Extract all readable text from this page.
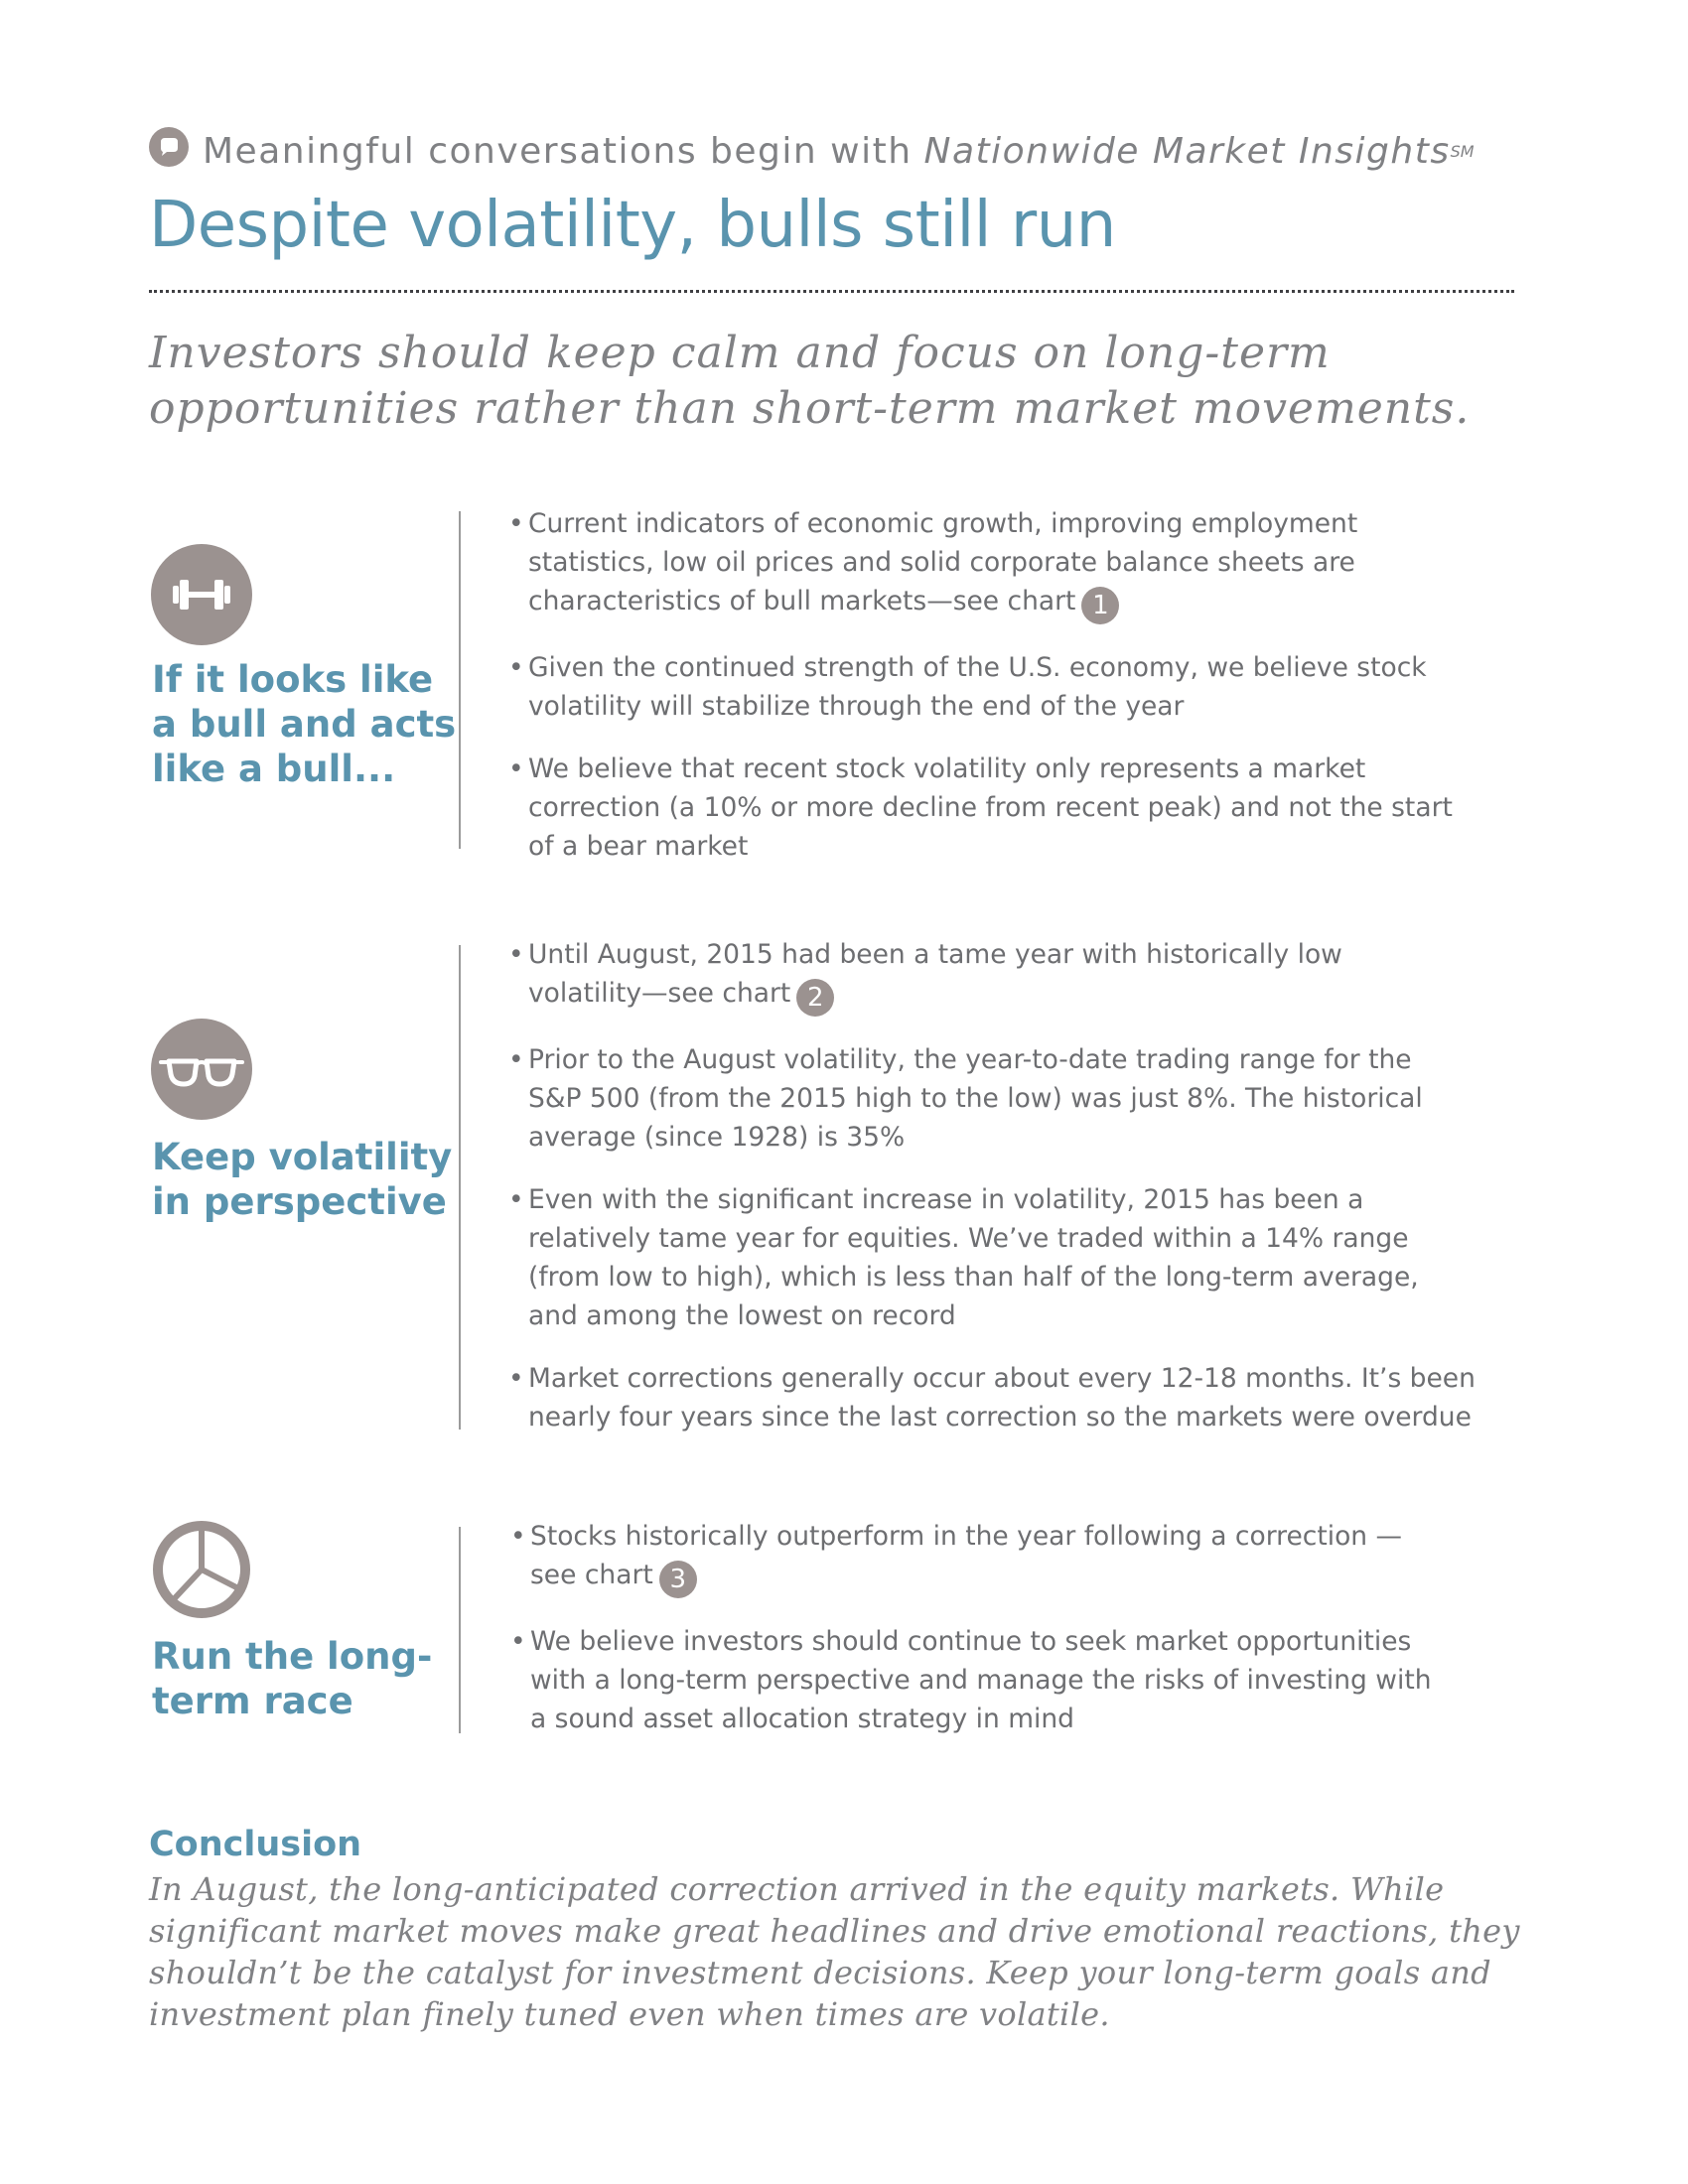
Meaningful conversations begin with Nationwide Market Insights SM
Despite volatility, bulls still run

Investors should keep calm and focus on long-term opportunities rather than short-term market movements.

If it looks like
a bull and acts
like a bull...
• Current indicators of economic growth, improving employment
statistics, low oil prices and solid corporate balance sheets are
characteristics of bull markets—see chart 1
• Given the continued strength of the U.S. economy, we believe stock
volatility will stabilize through the end of the year
• We believe that recent stock volatility only represents a market
correction (a 10% or more decline from recent peak) and not the start
of a bear market
Keep volatility
in perspective
• Until August, 2015 had been a tame year with historically low
volatility—see chart 2
• Prior to the August volatility, the year-to-date trading range for the
S&P 500 (from the 2015 high to the low) was just 8%. The historical
average (since 1928) is 35%
• Even with the significant increase in volatility, 2015 has been a
relatively tame year for equities. We’ve traded within a 14% range
(from low to high), which is less than half of the long-term average,
and among the lowest on record
• Market corrections generally occur about every 12-18 months. It’s been
nearly four years since the last correction so the markets were overdue
Run the long-
term race
• Stocks historically outperform in the year following a correction —
see chart 3
• We believe investors should continue to seek market opportunities
with a long-term perspective and manage the risks of investing with
a sound asset allocation strategy in mind
Conclusion

In August, the long-anticipated correction arrived in the equity markets. While
significant market moves make great headlines and drive emotional reactions, they
shouldn’t be the catalyst for investment decisions. Keep your long-term goals and
investment plan finely tuned even when times are volatile.
